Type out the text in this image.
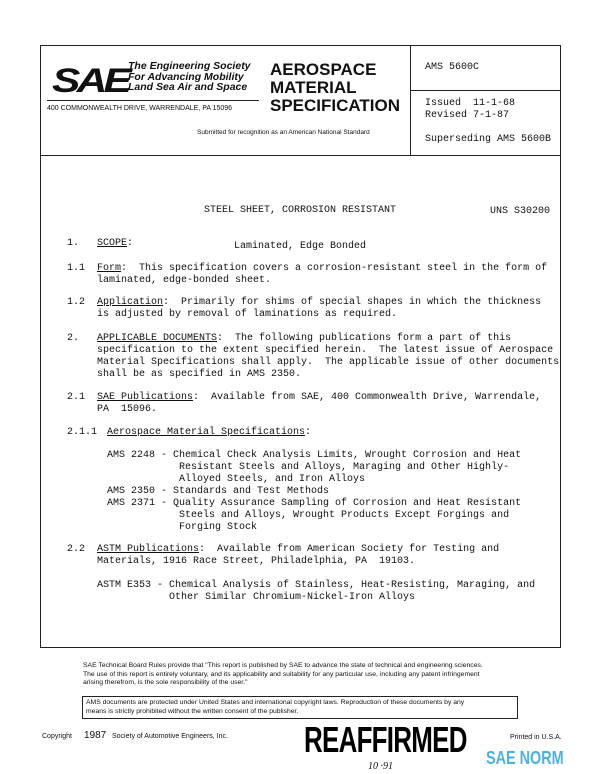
SAE The Engineering Society
For Advancing Mobility
Land Sea Air and Space
400 COMMONWEALTH DRIVE, WARRENDALE, PA 15096
AEROSPACE
MATERIAL
SPECIFICATION
Submitted for recognition as an American National Standard
AMS 5600C
Issued  11-1-68
Revised 7-1-87
Superseding AMS 5600B

STEEL SHEET, CORROSION RESISTANT

Laminated, Edge Bonded

UNS S30200
1. SCOPE:
1.1 Form:  This specification covers a corrosion-resistant steel in the form of
laminated, edge-bonded sheet.
1.2 Application:  Primarily for shims of special shapes in which the thickness
is adjusted by removal of laminations as required.
2. APPLICABLE DOCUMENTS:  The following publications form a part of this
specification to the extent specified herein.  The latest issue of Aerospace
Material Specifications shall apply.  The applicable issue of other documents
shall be as specified in AMS 2350.
2.1 SAE Publications:  Available from SAE, 400 Commonwealth Drive, Warrendale,
PA  15096.
2.1.1 Aerospace Material Specifications:
2.2 ASTM Publications:  Available from American Society for Testing and
Materials, 1916 Race Street, Philadelphia, PA  19103.
AMS 2248 - Chemical Check Analysis Limits, Wrought Corrosion and Heat
Resistant Steels and Alloys, Maraging and Other Highly-
Alloyed Steels, and Iron Alloys
AMS 2350 - Standards and Test Methods
AMS 2371 - Quality Assurance Sampling of Corrosion and Heat Resistant
Steels and Alloys, Wrought Products Except Forgings and
Forging Stock
ASTM E353 - Chemical Analysis of Stainless, Heat-Resisting, Maraging, and
Other Similar Chromium-Nickel-Iron Alloys
SAE Technical Board Rules provide that "This report is published by SAE to advance the state of technical and engineering sciences.
The use of this report is entirely voluntary, and its applicability and suitability for any particular use, including any patent infringement
arising therefrom, is the sole responsibility of the user."
AMS documents are protected under United States and international copyright laws. Reproduction of these documents by any
means is strictly prohibited without the written consent of the publisher.
Copyright 1987 Society of Automotive Engineers, Inc.	Printed in U.S.A.
REAFFIRMED
10 ·91	SAE NORM
